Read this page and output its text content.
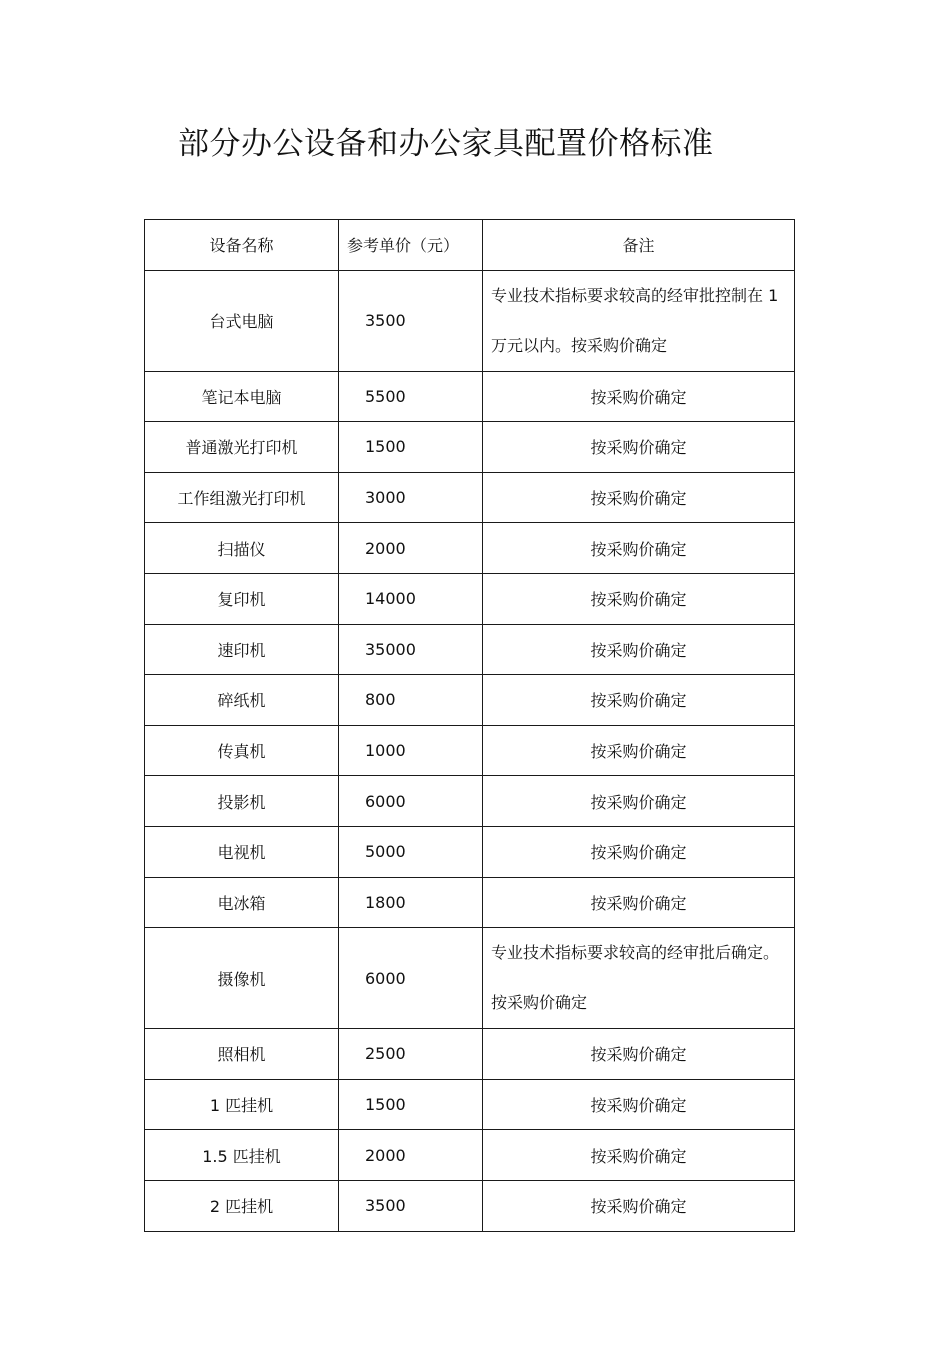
部分办公设备和办公家具配置价格标准
设备名称	参考单价（元）	备注
台式电脑	3500	专业技术指标要求较高的经审批控制在 1 万元以内。按采购价确定
笔记本电脑	5500	按采购价确定
普通激光打印机	1500	按采购价确定
工作组激光打印机	3000	按采购价确定
扫描仪	2000	按采购价确定
复印机	14000	按采购价确定
速印机	35000	按采购价确定
碎纸机	800	按采购价确定
传真机	1000	按采购价确定
投影机	6000	按采购价确定
电视机	5000	按采购价确定
电冰箱	1800	按采购价确定
摄像机	6000	专业技术指标要求较高的经审批后确定。按采购价确定
照相机	2500	按采购价确定
1 匹挂机	1500	按采购价确定
1.5 匹挂机	2000	按采购价确定
2 匹挂机	3500	按采购价确定
